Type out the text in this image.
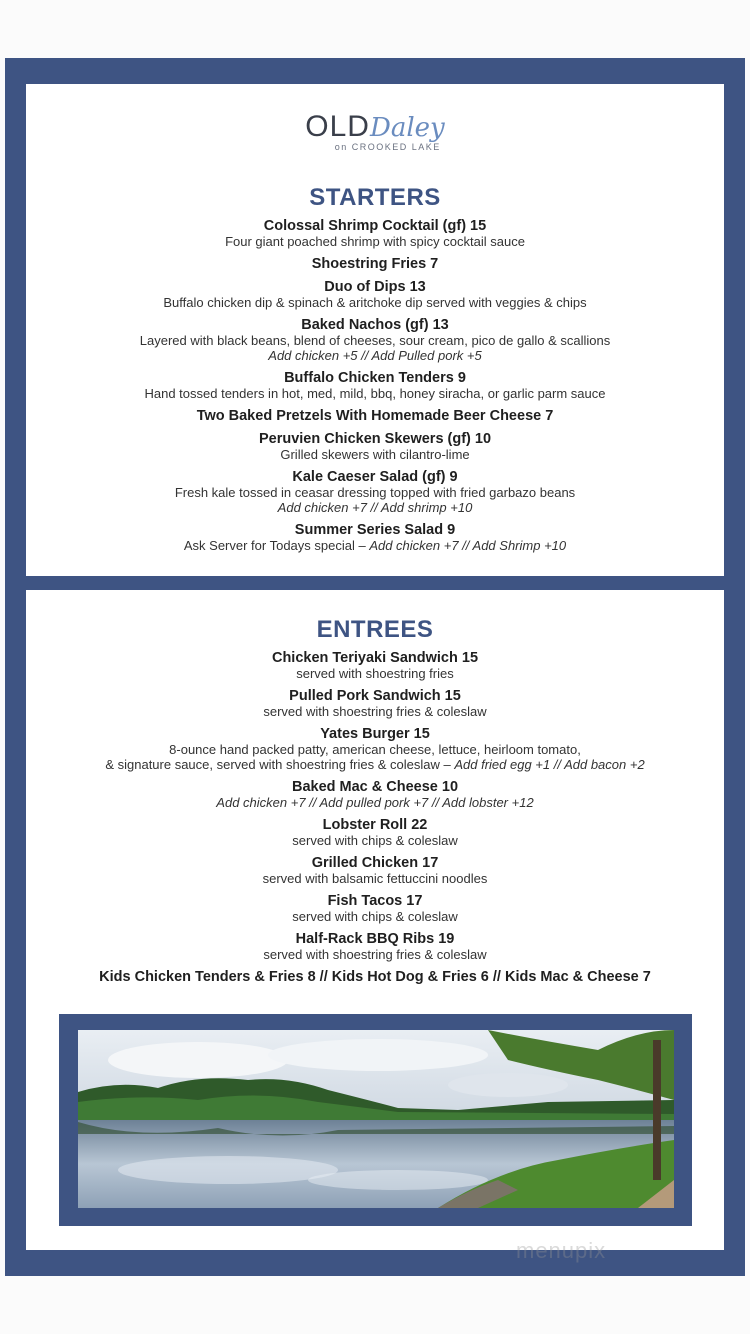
OLDDaley
on CROOKED LAKE
STARTERS
Colossal Shrimp Cocktail (gf) 15
Four giant poached shrimp with spicy cocktail sauce
Shoestring Fries 7
Duo of Dips 13
Buffalo chicken dip & spinach & aritchoke dip served with veggies & chips
Baked Nachos (gf) 13
Layered with black beans, blend of cheeses, sour cream, pico de gallo & scallions
Add chicken +5 // Add Pulled pork +5
Buffalo Chicken Tenders 9
Hand tossed tenders in hot, med, mild, bbq, honey siracha, or garlic parm sauce
Two Baked Pretzels With Homemade Beer Cheese 7
Peruvien Chicken Skewers (gf) 10
Grilled skewers with cilantro-lime
Kale Caeser Salad (gf) 9
Fresh kale tossed in ceasar dressing topped with fried garbazo beans
Add chicken +7 // Add shrimp +10
Summer Series Salad 9
Ask Server for Todays special – Add chicken +7 // Add Shrimp +10
ENTREES
Chicken Teriyaki Sandwich 15
served with shoestring fries
Pulled Pork Sandwich 15
served with shoestring fries & coleslaw
Yates Burger 15
8-ounce hand packed patty, american cheese, lettuce, heirloom tomato,
& signature sauce, served with shoestring fries & coleslaw – Add fried egg +1 // Add bacon +2
Baked Mac & Cheese 10
Add chicken +7 // Add pulled pork +7 // Add lobster +12
Lobster Roll 22
served with chips & coleslaw
Grilled Chicken 17
served with balsamic fettuccini noodles
Fish Tacos 17
served with chips & coleslaw
Half-Rack BBQ Ribs 19
served with shoestring fries & coleslaw
Kids Chicken Tenders & Fries 8 // Kids Hot Dog & Fries 6 // Kids Mac & Cheese 7
menupix
